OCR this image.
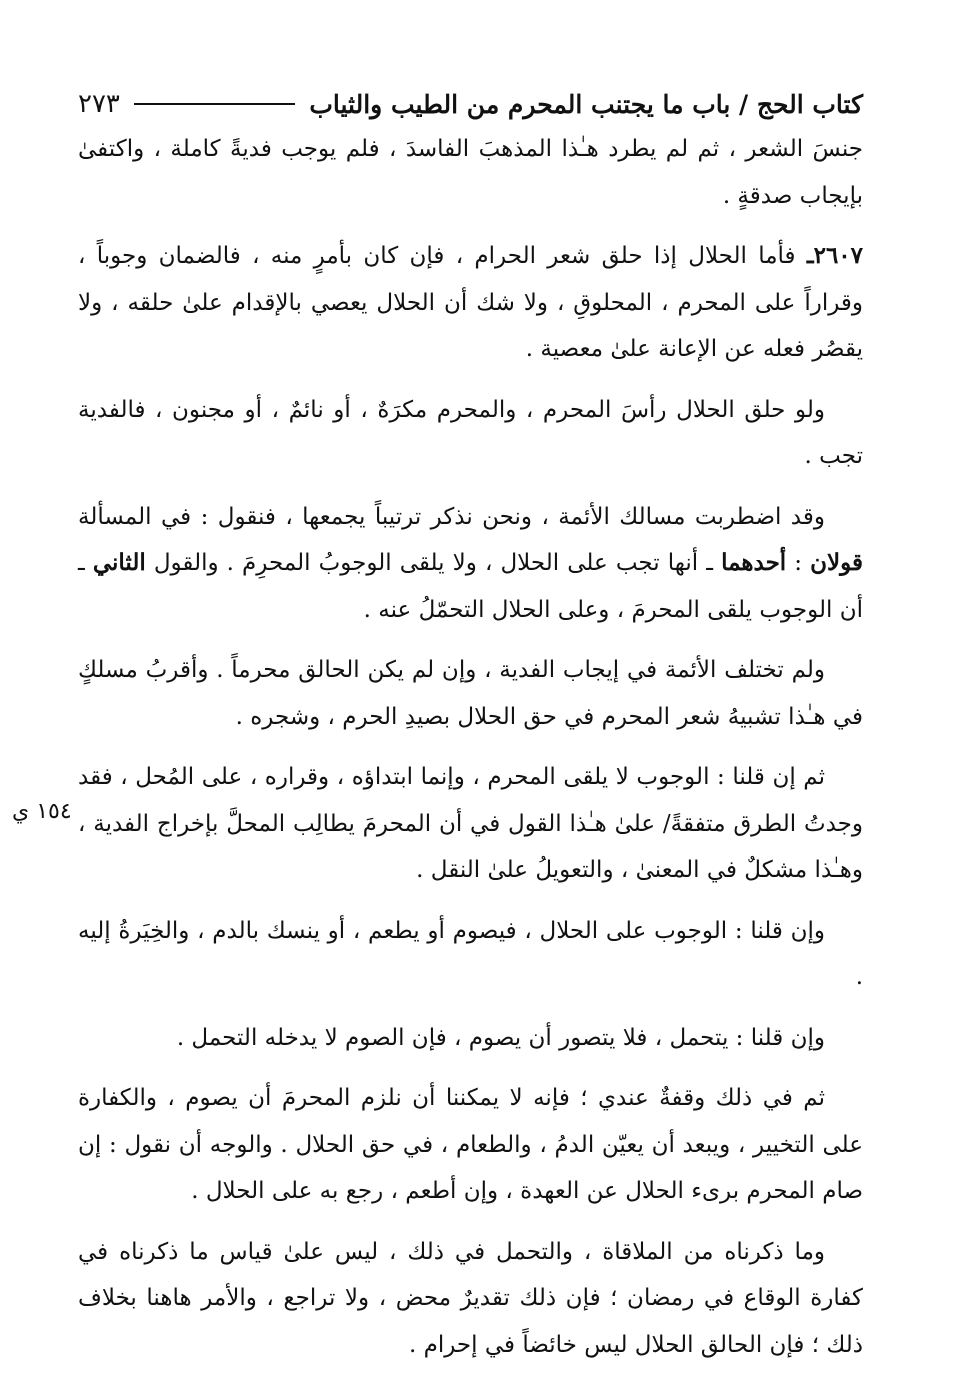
كتاب الحج / باب ما يجتنب المحرم من الطيب والثياب
٢٧٣

جنسَ الشعر ، ثم لم يطرد هـٰذا المذهبَ الفاسدَ ، فلم يوجب فديةً كاملة ، واكتفىٰ بإيجاب صدقةٍ .

٢٦٠٧ـ فأما الحلال إذا حلق شعر الحرام ، فإن كان بأمرٍ منه ، فالضمان وجوباً ، وقراراً على المحرم ، المحلوقِ ، ولا شك أن الحلال يعصي بالإقدام علىٰ حلقه ، ولا يقصُر فعله عن الإعانة علىٰ معصية .

ولو حلق الحلال رأسَ المحرم ، والمحرم مكرَهٌ ، أو نائمٌ ، أو مجنون ، فالفدية تجب .

وقد اضطربت مسالك الأئمة ، ونحن نذكر ترتيباً يجمعها ، فنقول : في المسألة قولان : أحدهما ـ أنها تجب على الحلال ، ولا يلقى الوجوبُ المحرِمَ . والقول الثاني ـ أن الوجوب يلقى المحرمَ ، وعلى الحلال التحمّلُ عنه .

ولم تختلف الأئمة في إيجاب الفدية ، وإن لم يكن الحالق محرماً . وأقربُ مسلكٍ في هـٰذا تشبيهُ شعر المحرم في حق الحلال بصيدِ الحرم ، وشجره .

ثم إن قلنا : الوجوب لا يلقى المحرم ، وإنما ابتداؤه ، وقراره ، على المُحل ، فقد وجدتُ الطرق متفقةً/ علىٰ هـٰذا القول في أن المحرمَ يطالِب المحلَّ بإخراج الفدية ، وهـٰذا مشكلٌ في المعنىٰ ، والتعويلُ علىٰ النقل .

وإن قلنا : الوجوب على الحلال ، فيصوم أو يطعم ، أو ينسك بالدم ، والخِيَرةُ إليه .

وإن قلنا : يتحمل ، فلا يتصور أن يصوم ، فإن الصوم لا يدخله التحمل .

ثم في ذلك وقفةٌ عندي ؛ فإنه لا يمكننا أن نلزم المحرمَ أن يصوم ، والكفارة على التخيير ، ويبعد أن يعيّن الدمُ ، والطعام ، في حق الحلال . والوجه أن نقول : إن صام المحرم برىء الحلال عن العهدة ، وإن أطعم ، رجع به على الحلال .

وما ذكرناه من الملاقاة ، والتحمل في ذلك ، ليس علىٰ قياس ما ذكرناه في كفارة الوقاع في رمضان ؛ فإن ذلك تقديرٌ محض ، ولا تراجع ، والأمر هاهنا بخلاف ذلك ؛ فإن الحالق الحلال ليس خائضاً في إحرام .

١٥٤ ي
